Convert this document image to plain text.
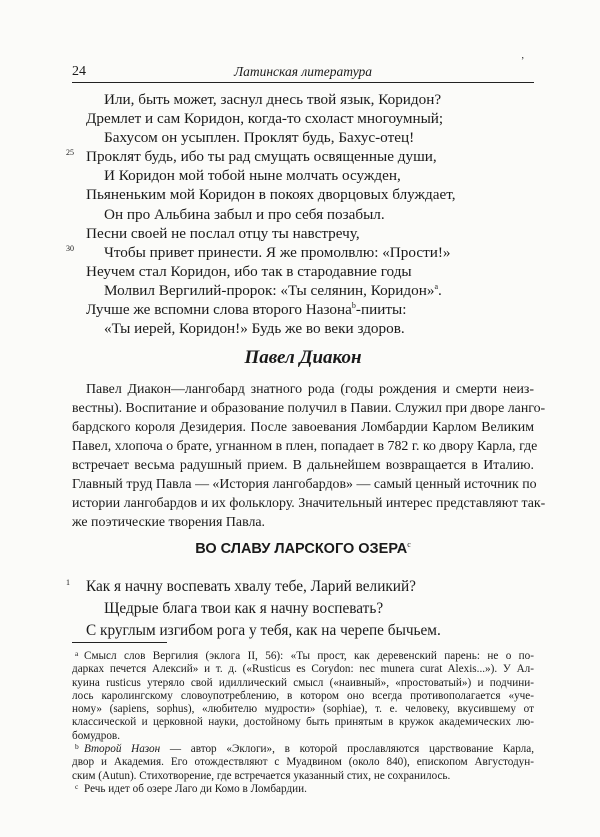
24	Латинская литература
’
Или, быть может, заснул днесь твой язык, Коридон?
Дремлет и сам Коридон, когда-то схоласт многоумный;
Бахусом он усыплен. Проклят будь, Бахус-отец!
25 Проклят будь, ибо ты рад смущать освященные души,
И Коридон мой тобой ныне молчать осужден,
Пьяненьким мой Коридон в покоях дворцовых блуждает,
Он про Альбина забыл и про себя позабыл.
Песни своей не послал отцу ты навстречу,
30 Чтобы привет принести. Я же промолвлю: «Прости!»
Неучем стал Коридон, ибо так в стародавние годы
Молвил Вергилий-пророк: «Ты селянин, Коридон»$^a$.
Лучше же вспомни слова второго Назона$^b$-пииты:
«Ты иерей, Коридон!» Будь же во веки здоров.
Павел Диакон
Павел Диакон—лангобард знатного рода (годы рождения и смерти неиз-
вестны). Воспитание и образование получил в Павии. Служил при дворе ланго-
бардского короля Дезидерия. После завоевания Ломбардии Карлом Великим
Павел, хлопоча о брате, угнанном в плен, попадает в 782 г. ко двору Карла, где
встречает весьма радушный прием. В дальнейшем возвращается в Италию.
Главный труд Павла — «История лангобардов» — самый ценный источник по
истории лангобардов и их фольклору. Значительный интерес представляют так-
же поэтические творения Павла.
ВО СЛАВУ ЛАРСКОГО ОЗЕРА$^c$
1 Как я начну воспевать хвалу тебе, Ларий великий?
Щедрые блага твои как я начну воспевать?
С круглым изгибом рога у тебя, как на черепе бычьем.
a Смысл слов Вергилия (эклога II, 56): «Ты прост, как деревенский парень: не о по-
дарках печется Алексий» и т. д. («Rusticus es Corydon: nec munera curat Alexis...»). У Ал-
куина rusticus утеряло свой идиллический смысл («наивный», «простоватый») и подчини-
лось каролингскому словоупотреблению, в котором оно всегда противополагается «уче-
ному» (sapiens, sophus), «любителю мудрости» (sophiae), т. е. человеку, вкусившему от
классической и церковной науки, достойному быть принятым в кружок академических лю-
бомудров.
b Второй Назон — автор «Эклоги», в которой прославляются царствование Карла,
двор и Академия. Его отождествляют с Муадвином (около 840), епископом Августодун-
ским (Autun). Стихотворение, где встречается указанный стих, не сохранилось.
c Речь идет об озере Лаго ди Комо в Ломбардии.
